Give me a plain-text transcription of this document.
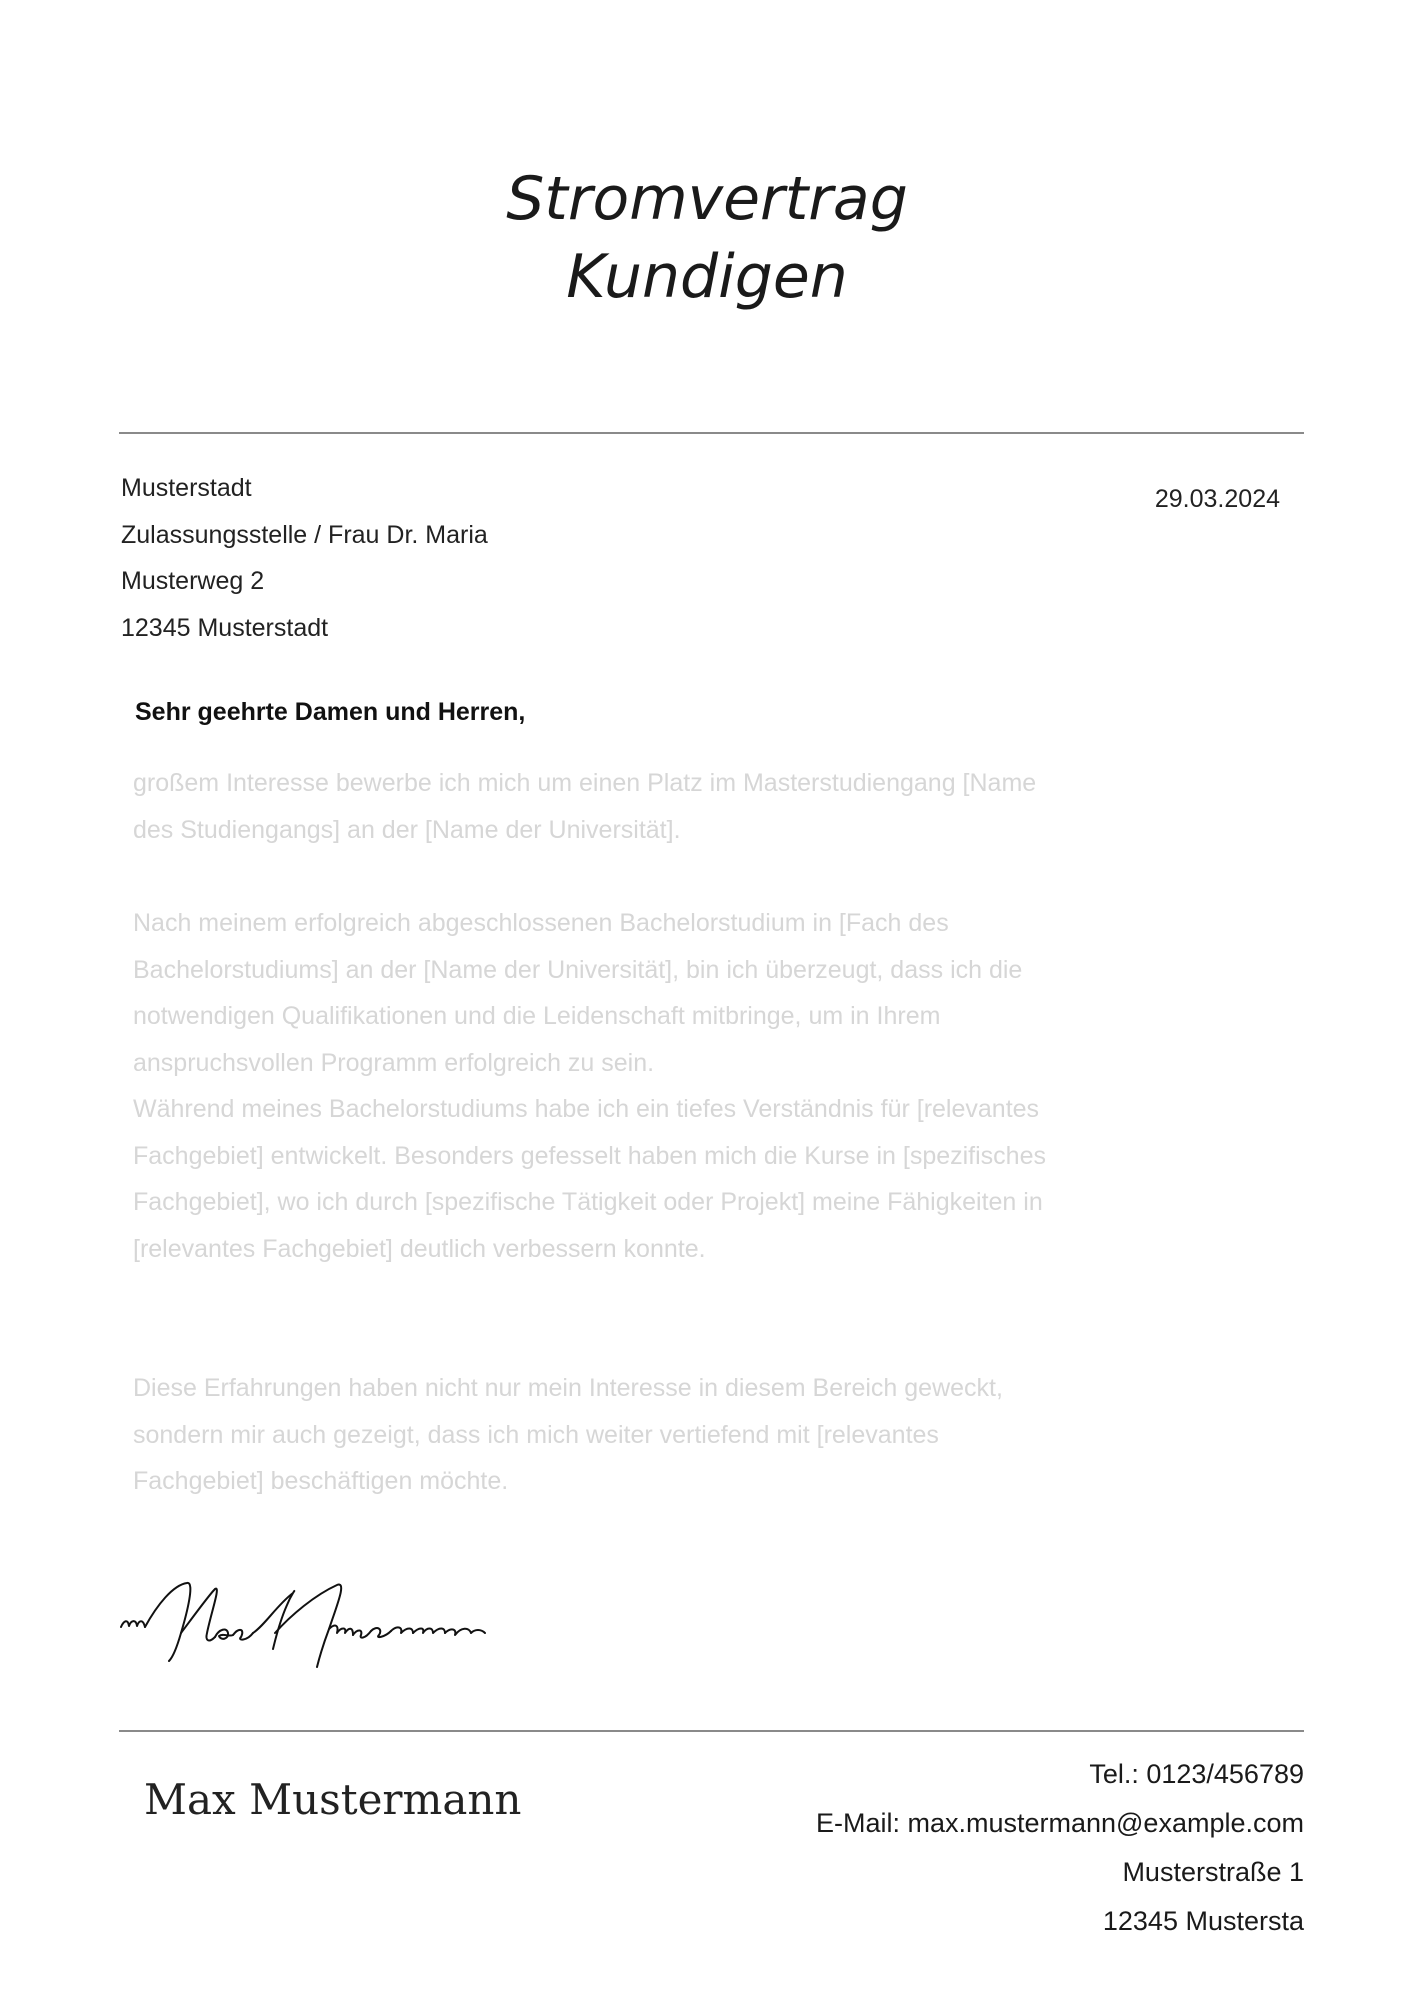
Stromvertrag
Kundigen
Musterstadt
Zulassungsstelle / Frau Dr. Maria
Musterweg 2
12345 Musterstadt
29.03.2024
Sehr geehrte Damen und Herren,
großem Interesse bewerbe ich mich um einen Platz im Masterstudiengang [Name
des Studiengangs] an der [Name der Universität].
Nach meinem erfolgreich abgeschlossenen Bachelorstudium in [Fach des
Bachelorstudiums] an der [Name der Universität], bin ich überzeugt, dass ich die
notwendigen Qualifikationen und die Leidenschaft mitbringe, um in Ihrem
anspruchsvollen Programm erfolgreich zu sein.
Während meines Bachelorstudiums habe ich ein tiefes Verständnis für [relevantes
Fachgebiet] entwickelt. Besonders gefesselt haben mich die Kurse in [spezifisches
Fachgebiet], wo ich durch [spezifische Tätigkeit oder Projekt] meine Fähigkeiten in
[relevantes Fachgebiet] deutlich verbessern konnte.
Diese Erfahrungen haben nicht nur mein Interesse in diesem Bereich geweckt,
sondern mir auch gezeigt, dass ich mich weiter vertiefend mit [relevantes
Fachgebiet] beschäftigen möchte.
Max Mustermann
Tel.: 0123/456789
E-Mail: max.mustermann@example.com
Musterstraße 1
12345 Mustersta
